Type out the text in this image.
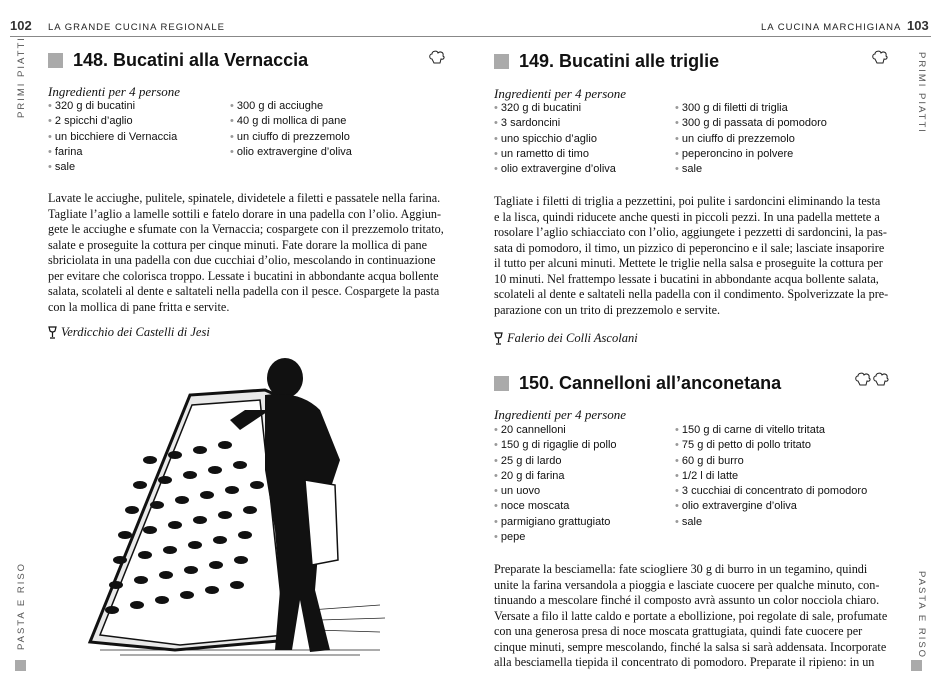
102 LA GRANDE CUCINA REGIONALE
PRIMI PIATTI
PASTA E RISO
148. Bucatini alla Vernaccia
Ingredienti per 4 persone
• 320 g di bucatini
• 2 spicchi d’aglio
• un bicchiere di Vernaccia
• farina
• sale
• 300 g di acciughe
• 40 g di mollica di pane
• un ciuffo di prezzemolo
• olio extravergine d’oliva
Lavate le acciughe, pulitele, spinatele, dividetele a filetti e passatele nella farina.
Tagliate l’aglio a lamelle sottili e fatelo dorare in una padella con l’olio. Aggiun-
gete le acciughe e sfumate con la Vernaccia; cospargete con il prezzemolo tritato,
salate e proseguite la cottura per cinque minuti. Fate dorare la mollica di pane
sbriciolata in una padella con due cucchiai d’olio, mescolando in continuazione
per evitare che colorisca troppo. Lessate i bucatini in abbondante acqua bollente
salata, scolateli al dente e saltateli nella padella con il pesce. Cospargete la pasta
con la mollica di pane fritta e servite.
Verdicchio dei Castelli di Jesi
LA CUCINA MARCHIGIANA 103
PRIMI PIATTI
PASTA E RISO
149. Bucatini alle triglie
Ingredienti per 4 persone
• 320 g di bucatini
• 3 sardoncini
• uno spicchio d’aglio
• un rametto di timo
• olio extravergine d’oliva
• 300 g di filetti di triglia
• 300 g di passata di pomodoro
• un ciuffo di prezzemolo
• peperoncino in polvere
• sale
Tagliate i filetti di triglia a pezzettini, poi pulite i sardoncini eliminando la testa
e la lisca, quindi riducete anche questi in piccoli pezzi. In una padella mettete a
rosolare l’aglio schiacciato con l’olio, aggiungete i pezzetti di sardoncini, la pas-
sata di pomodoro, il timo, un pizzico di peperoncino e il sale; lasciate insaporire
il tutto per alcuni minuti. Mettete le triglie nella salsa e proseguite la cottura per
10 minuti. Nel frattempo lessate i bucatini in abbondante acqua bollente salata,
scolateli al dente e saltateli nella padella con il condimento. Spolverizzate la pre-
parazione con un trito di prezzemolo e servite.
Falerio dei Colli Ascolani
150. Cannelloni all’anconetana
Ingredienti per 4 persone
• 20 cannelloni
• 150 g di rigaglie di pollo
• 25 g di lardo
• 20 g di farina
• un uovo
• noce moscata
• parmigiano grattugiato
• pepe
• 150 g di carne di vitello tritata
• 75 g di petto di pollo tritato
• 60 g di burro
• 1/2 l di latte
• 3 cucchiai di concentrato di pomodoro
• olio extravergine d’oliva
• sale
Preparate la besciamella: fate sciogliere 30 g di burro in un tegamino, quindi
unite la farina versandola a pioggia e lasciate cuocere per qualche minuto, con-
tinuando a mescolare finché il composto avrà assunto un color nocciola chiaro.
Versate a filo il latte caldo e portate a ebollizione, poi regolate di sale, profumate
con una generosa presa di noce moscata grattugiata, quindi fate cuocere per
cinque minuti, sempre mescolando, finché la salsa si sarà addensata. Incorporate
alla besciamella tiepida il concentrato di pomodoro. Preparate il ripieno: in un
